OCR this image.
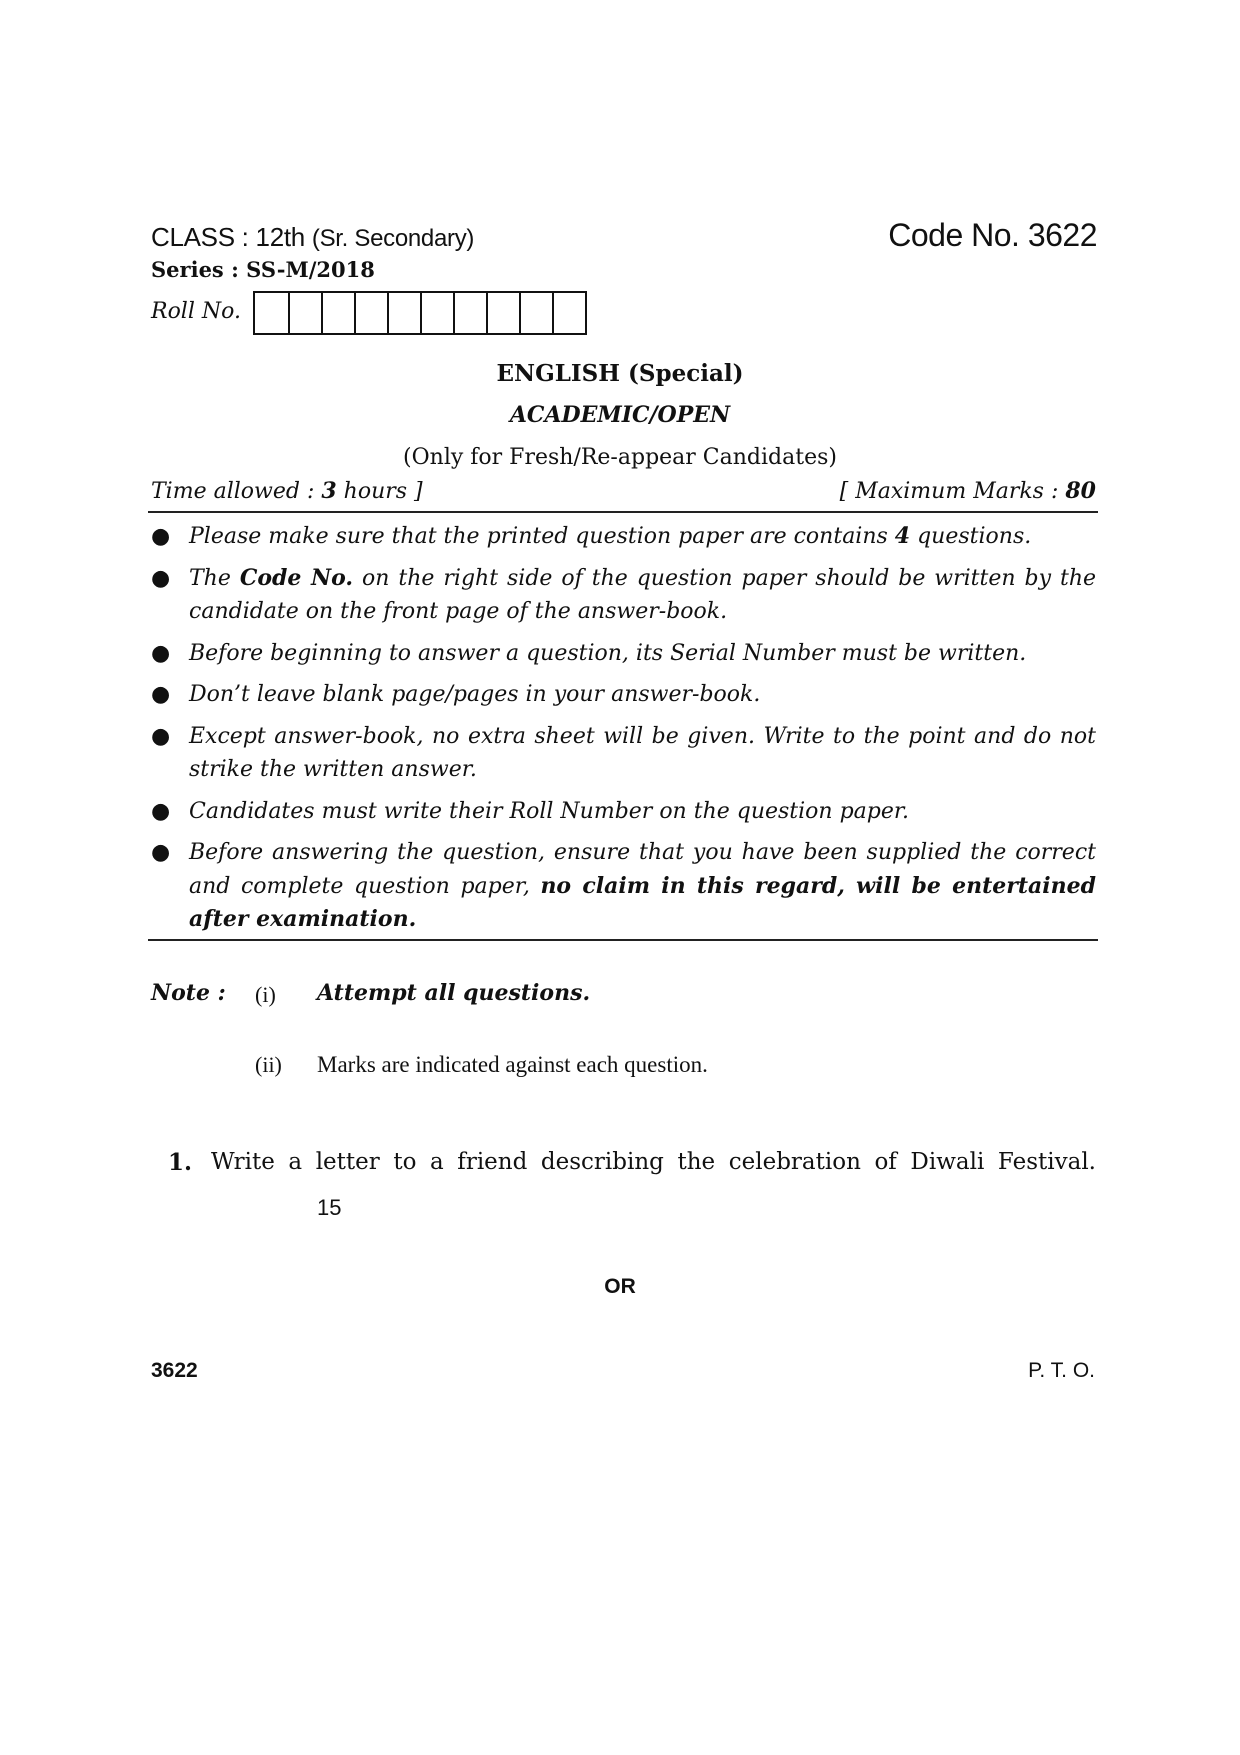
CLASS : 12th (Sr. Secondary)	Code No. 3622
Series : SS-M/2018
Roll No.
ENGLISH (Special)
ACADEMIC/OPEN
(Only for Fresh/Re-appear Candidates)
Time allowed : 3 hours ]	[ Maximum Marks : 80
● Please make sure that the printed question paper are contains 4 questions.
● The Code No. on the right side of the question paper should be written by the candidate on the front page of the answer-book.
● Before beginning to answer a question, its Serial Number must be written.
● Don’t leave blank page/pages in your answer-book.
● Except answer-book, no extra sheet will be given. Write to the point and do not strike the written answer.
● Candidates must write their Roll Number on the question paper.
● Before answering the question, ensure that you have been supplied the correct and complete question paper, no claim in this regard, will be entertained after examination.
Note : (i) Attempt all questions.
(ii) Marks are indicated against each question.
1. Write a letter to a friend describing the celebration of Diwali Festival.
15
OR
3622	P. T. O.
